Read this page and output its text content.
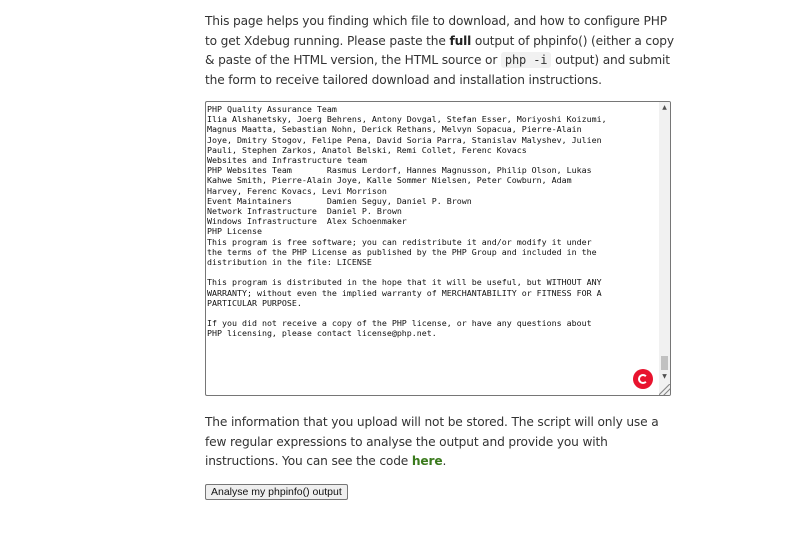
This page helps you finding which file to download, and how to configure PHP to get Xdebug running. Please paste the full output of phpinfo() (either a copy & paste of the HTML version, the HTML source or php -i output) and submit the form to receive tailored download and installation instructions.

PHP Quality Assurance Team
Ilia Alshanetsky, Joerg Behrens, Antony Dovgal, Stefan Esser, Moriyoshi Koizumi,
Magnus Maatta, Sebastian Nohn, Derick Rethans, Melvyn Sopacua, Pierre-Alain
Joye, Dmitry Stogov, Felipe Pena, David Soria Parra, Stanislav Malyshev, Julien
Pauli, Stephen Zarkos, Anatol Belski, Remi Collet, Ferenc Kovacs
Websites and Infrastructure team
PHP Websites Team       Rasmus Lerdorf, Hannes Magnusson, Philip Olson, Lukas
Kahwe Smith, Pierre-Alain Joye, Kalle Sommer Nielsen, Peter Cowburn, Adam
Harvey, Ferenc Kovacs, Levi Morrison
Event Maintainers       Damien Seguy, Daniel P. Brown
Network Infrastructure  Daniel P. Brown
Windows Infrastructure  Alex Schoenmaker
PHP License
This program is free software; you can redistribute it and/or modify it under
the terms of the PHP License as published by the PHP Group and included in the
distribution in the file: LICENSE

This program is distributed in the hope that it will be useful, but WITHOUT ANY
WARRANTY; without even the implied warranty of MERCHANTABILITY or FITNESS FOR A
PARTICULAR PURPOSE.

If you did not receive a copy of the PHP license, or have any questions about
PHP licensing, please contact license@php.net.
▲
▼

The information that you upload will not be stored. The script will only use a few regular expressions to analyse the output and provide you with instructions. You can see the code here.

Analyse my phpinfo() output
